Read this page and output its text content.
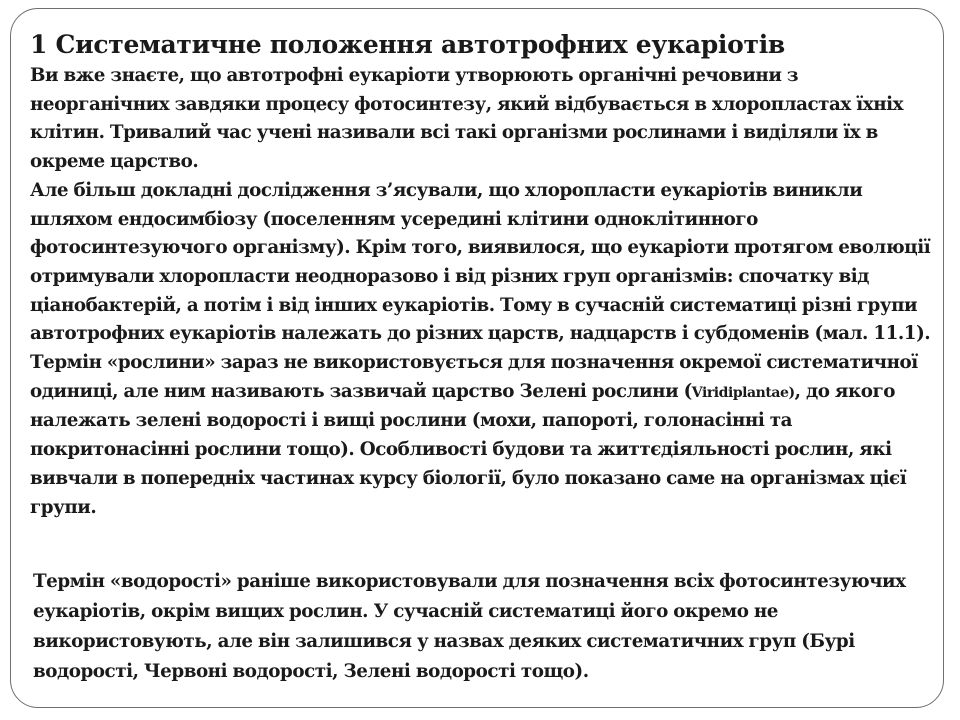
1 Систематичне положення автотрофних еукаріотів

Ви вже знаєте, що автотрофні еукаріоти утворюють органічні речовини з неорганічних завдяки процесу фотосинтезу, який відбувається в хлоропластах їхніх клітин. Тривалий час учені називали всі такі організми рослинами і виділяли їх в окреме царство.

Але більш докладні дослідження з’ясували, що хлоропласти еукаріотів виникли шляхом ендосимбіозу (поселенням усередині клітини одноклітинного фотосинтезуючого організму). Крім того, виявилося, що еукаріоти протягом еволюції отримували хлоропласти неодноразово і від різних груп організмів: спочатку від ціанобактерій, а потім і від інших еукаріотів. Тому в сучасній систематиці різні групи автотрофних еукаріотів належать до різних царств, надцарств і субдоменів (мал. 11.1).

Термін «рослини» зараз не використовується для позначення окремої систематичної одиниці, але ним називають зазвичай царство Зелені рослини (Viridiplantae), до якого належать зелені водорості і вищі рослини (мохи, папороті, голонасінні та покритонасінні рослини тощо). Особливості будови та життєдіяльності рослин, які вивчали в попередніх частинах курсу біології, було показано саме на організмах цієї групи.

Термін «водорості» раніше використовували для позначення всіх фотосинтезуючих еукаріотів, окрім вищих рослин. У сучасній систематиці його окремо не використовують, але він залишився у назвах деяких систематичних груп (Бурі водорості, Червоні водорості, Зелені водорості тощо).
